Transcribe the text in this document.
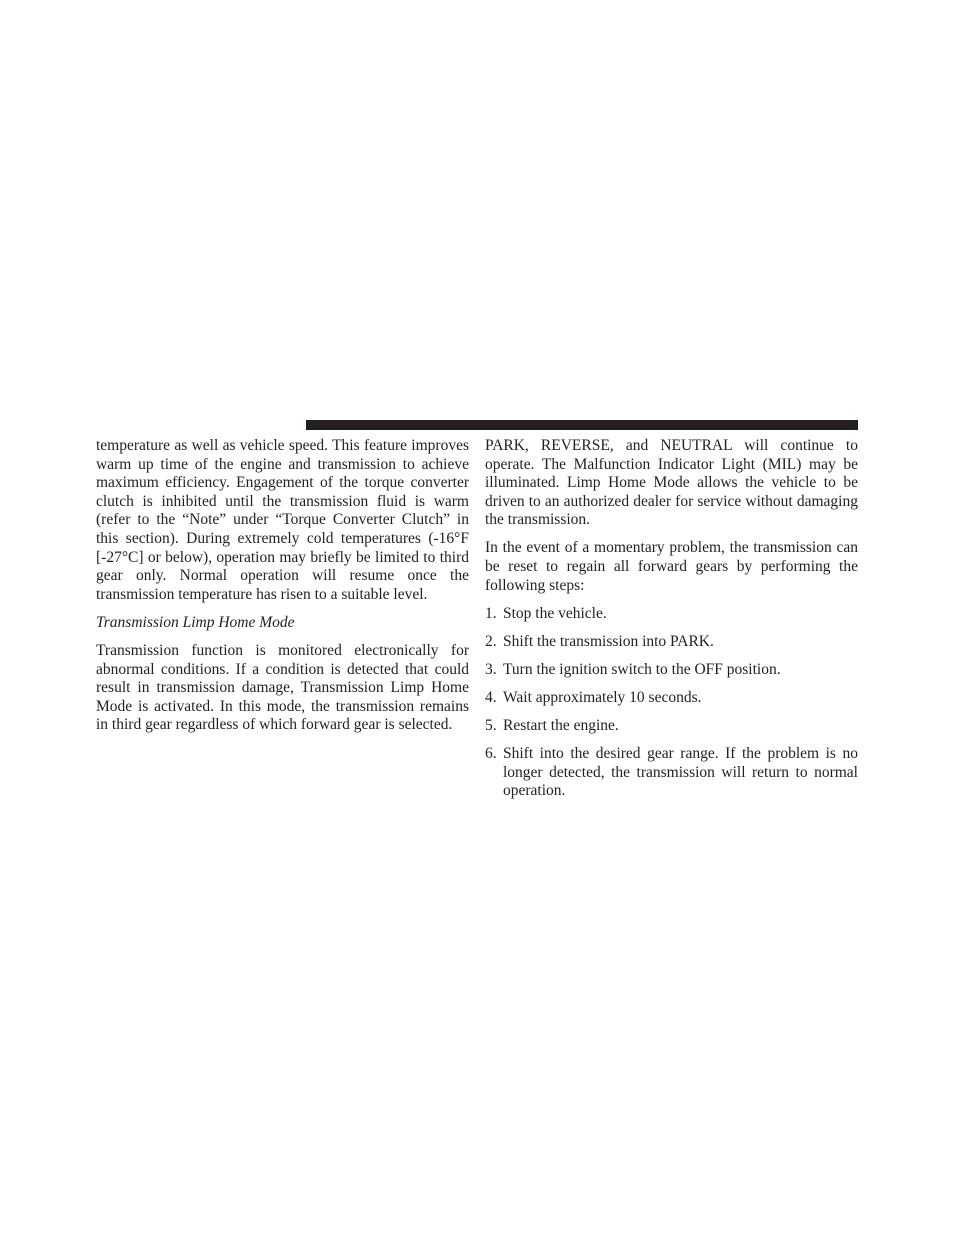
temperature as well as vehicle speed. This feature improves warm up time of the engine and transmission to achieve maximum efficiency. Engagement of the torque converter clutch is inhibited until the transmission fluid is warm (refer to the “Note” under “Torque Converter Clutch” in this section). During extremely cold temperatures (-16°F [-27°C] or below), operation may briefly be limited to third gear only. Normal operation will resume once the transmission temperature has risen to a suitable level.

Transmission Limp Home Mode

Transmission function is monitored electronically for abnormal conditions. If a condition is detected that could result in transmission damage, Transmission Limp Home Mode is activated. In this mode, the transmission remains in third gear regardless of which forward gear is selected.

PARK, REVERSE, and NEUTRAL will continue to operate. The Malfunction Indicator Light (MIL) may be illuminated. Limp Home Mode allows the vehicle to be driven to an authorized dealer for service without damaging the transmission.

In the event of a momentary problem, the transmission can be reset to regain all forward gears by performing the following steps:

1. Stop the vehicle.
2. Shift the transmission into PARK.
3. Turn the ignition switch to the OFF position.
4. Wait approximately 10 seconds.
5. Restart the engine.
6. Shift into the desired gear range. If the problem is no longer detected, the transmission will return to normal operation.
